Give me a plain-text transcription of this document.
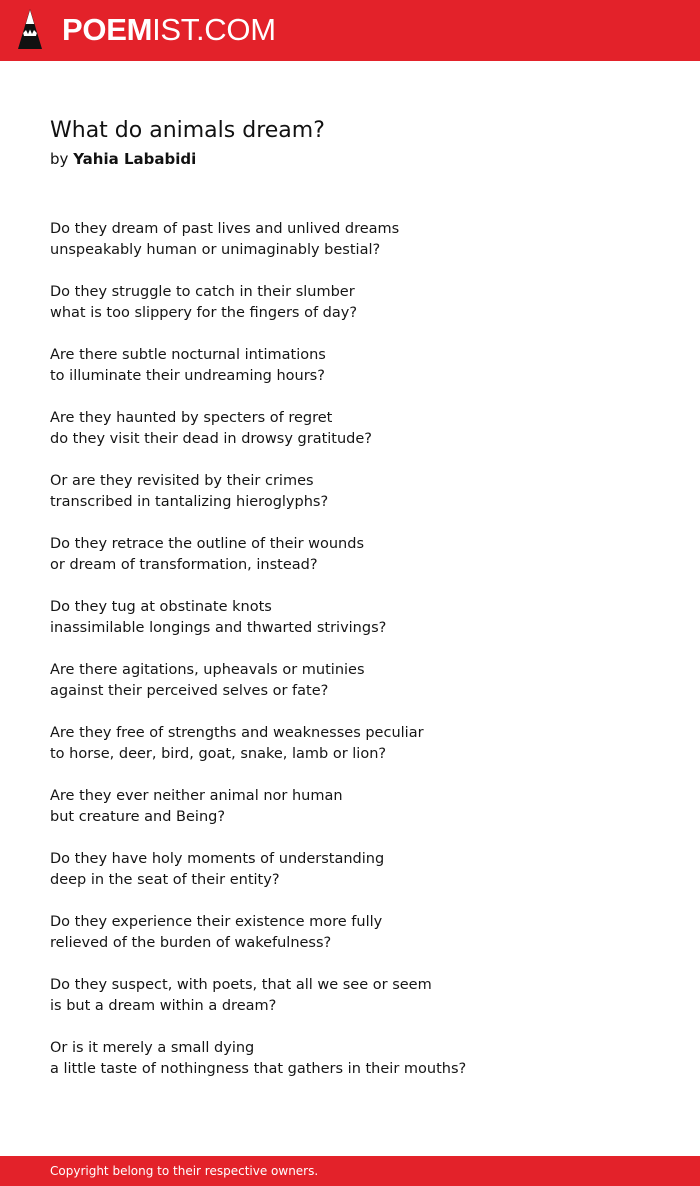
POEMIST.COM
What do animals dream?
by Yahia Lababidi
Do they dream of past lives and unlived dreams
unspeakably human or unimaginably bestial?
Do they struggle to catch in their slumber
what is too slippery for the fingers of day?
Are there subtle nocturnal intimations
to illuminate their undreaming hours?
Are they haunted by specters of regret
do they visit their dead in drowsy gratitude?
Or are they revisited by their crimes
transcribed in tantalizing hieroglyphs?
Do they retrace the outline of their wounds
or dream of transformation, instead?
Do they tug at obstinate knots
inassimilable longings and thwarted strivings?
Are there agitations, upheavals or mutinies
against their perceived selves or fate?
Are they free of strengths and weaknesses peculiar
to horse, deer, bird, goat, snake, lamb or lion?
Are they ever neither animal nor human
but creature and Being?
Do they have holy moments of understanding
deep in the seat of their entity?
Do they experience their existence more fully
relieved of the burden of wakefulness?
Do they suspect, with poets, that all we see or seem
is but a dream within a dream?
Or is it merely a small dying
a little taste of nothingness that gathers in their mouths?
Copyright belong to their respective owners.
